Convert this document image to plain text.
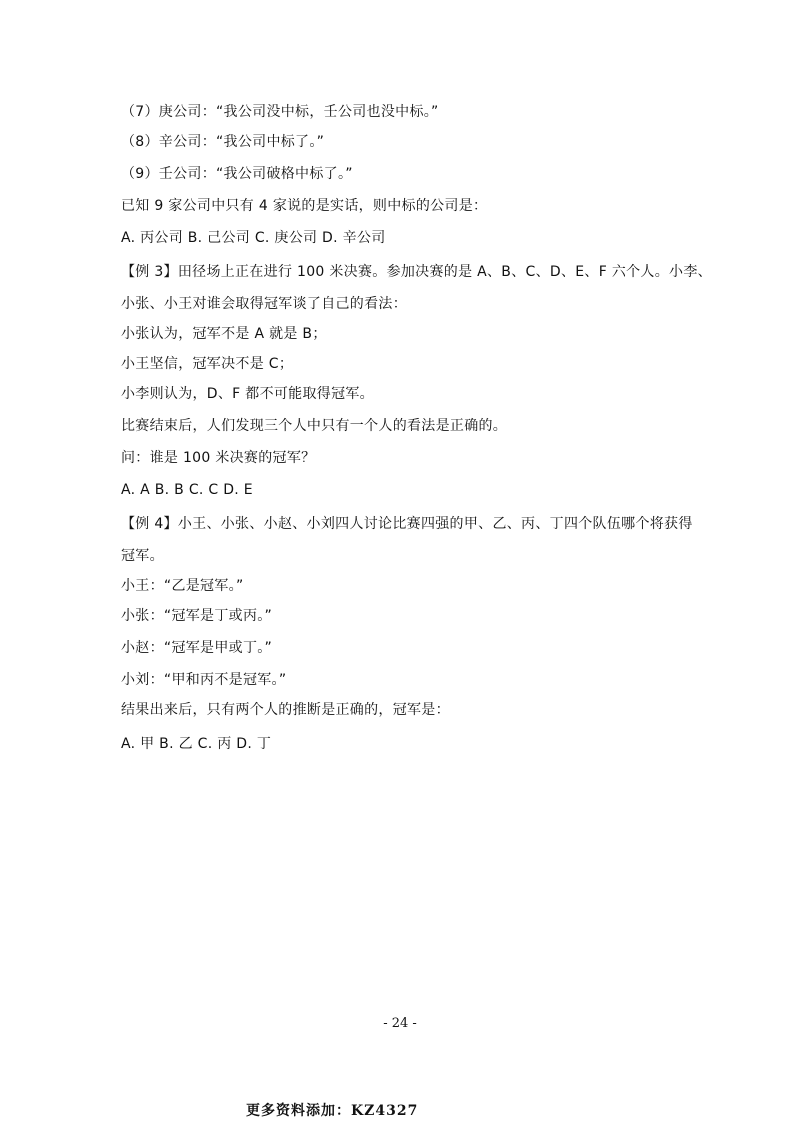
（7）庚公司：“我公司没中标，壬公司也没中标。”
（8）辛公司：“我公司中标了。”
（9）壬公司：“我公司破格中标了。”
已知 9 家公司中只有 4 家说的是实话，则中标的公司是：
A. 丙公司 B. 己公司 C. 庚公司 D. 辛公司
【例 3】田径场上正在进行 100 米决赛。参加决赛的是 A、B、C、D、E、F 六个人。小李、
小张、小王对谁会取得冠军谈了自己的看法：
小张认为，冠军不是 A 就是 B；
小王坚信，冠军决不是 C；
小李则认为，D、F 都不可能取得冠军。
比赛结束后，人们发现三个人中只有一个人的看法是正确的。
问：谁是 100 米决赛的冠军？
A. A B. B C. C D. E
【例 4】小王、小张、小赵、小刘四人讨论比赛四强的甲、乙、丙、丁四个队伍哪个将获得
冠军。
小王：“乙是冠军。”
小张：“冠军是丁或丙。”
小赵：“冠军是甲或丁。”
小刘：“甲和丙不是冠军。”
结果出来后，只有两个人的推断是正确的，冠军是：
A. 甲 B. 乙 C. 丙 D. 丁
- 24 -
更多资料添加：KZ4327
